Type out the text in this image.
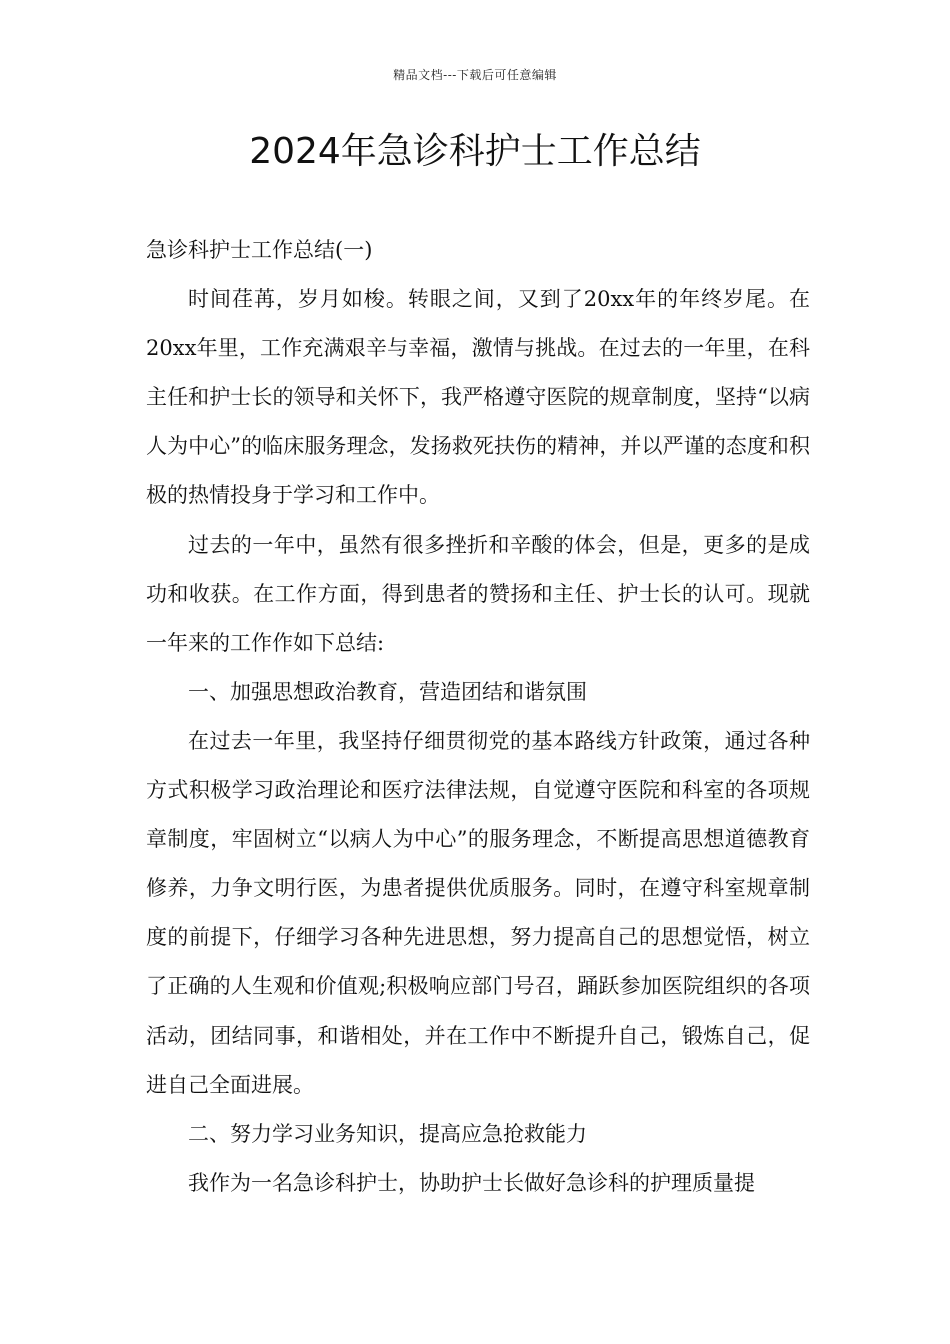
精品文档---下载后可任意编辑
2024年急诊科护士工作总结

急诊科护士工作总结(一)

时间荏苒，岁月如梭。转眼之间，又到了20xx年的年终岁尾。在20xx年里，工作充满艰辛与幸福，激情与挑战。在过去的一年里，在科主任和护士长的领导和关怀下，我严格遵守医院的规章制度，坚持“以病人为中心”的临床服务理念，发扬救死扶伤的精神，并以严谨的态度和积极的热情投身于学习和工作中。

过去的一年中，虽然有很多挫折和辛酸的体会，但是，更多的是成功和收获。在工作方面，得到患者的赞扬和主任、护士长的认可。现就一年来的工作作如下总结:

一、加强思想政治教育，营造团结和谐氛围

在过去一年里，我坚持仔细贯彻党的基本路线方针政策，通过各种方式积极学习政治理论和医疗法律法规，自觉遵守医院和科室的各项规章制度，牢固树立“以病人为中心”的服务理念，不断提高思想道德教育修养，力争文明行医，为患者提供优质服务。同时，在遵守科室规章制度的前提下，仔细学习各种先进思想，努力提高自己的思想觉悟，树立了正确的人生观和价值观;积极响应部门号召，踊跃参加医院组织的各项活动，团结同事，和谐相处，并在工作中不断提升自己，锻炼自己，促进自己全面进展。

二、努力学习业务知识，提高应急抢救能力

我作为一名急诊科护士，协助护士长做好急诊科的护理质量提
